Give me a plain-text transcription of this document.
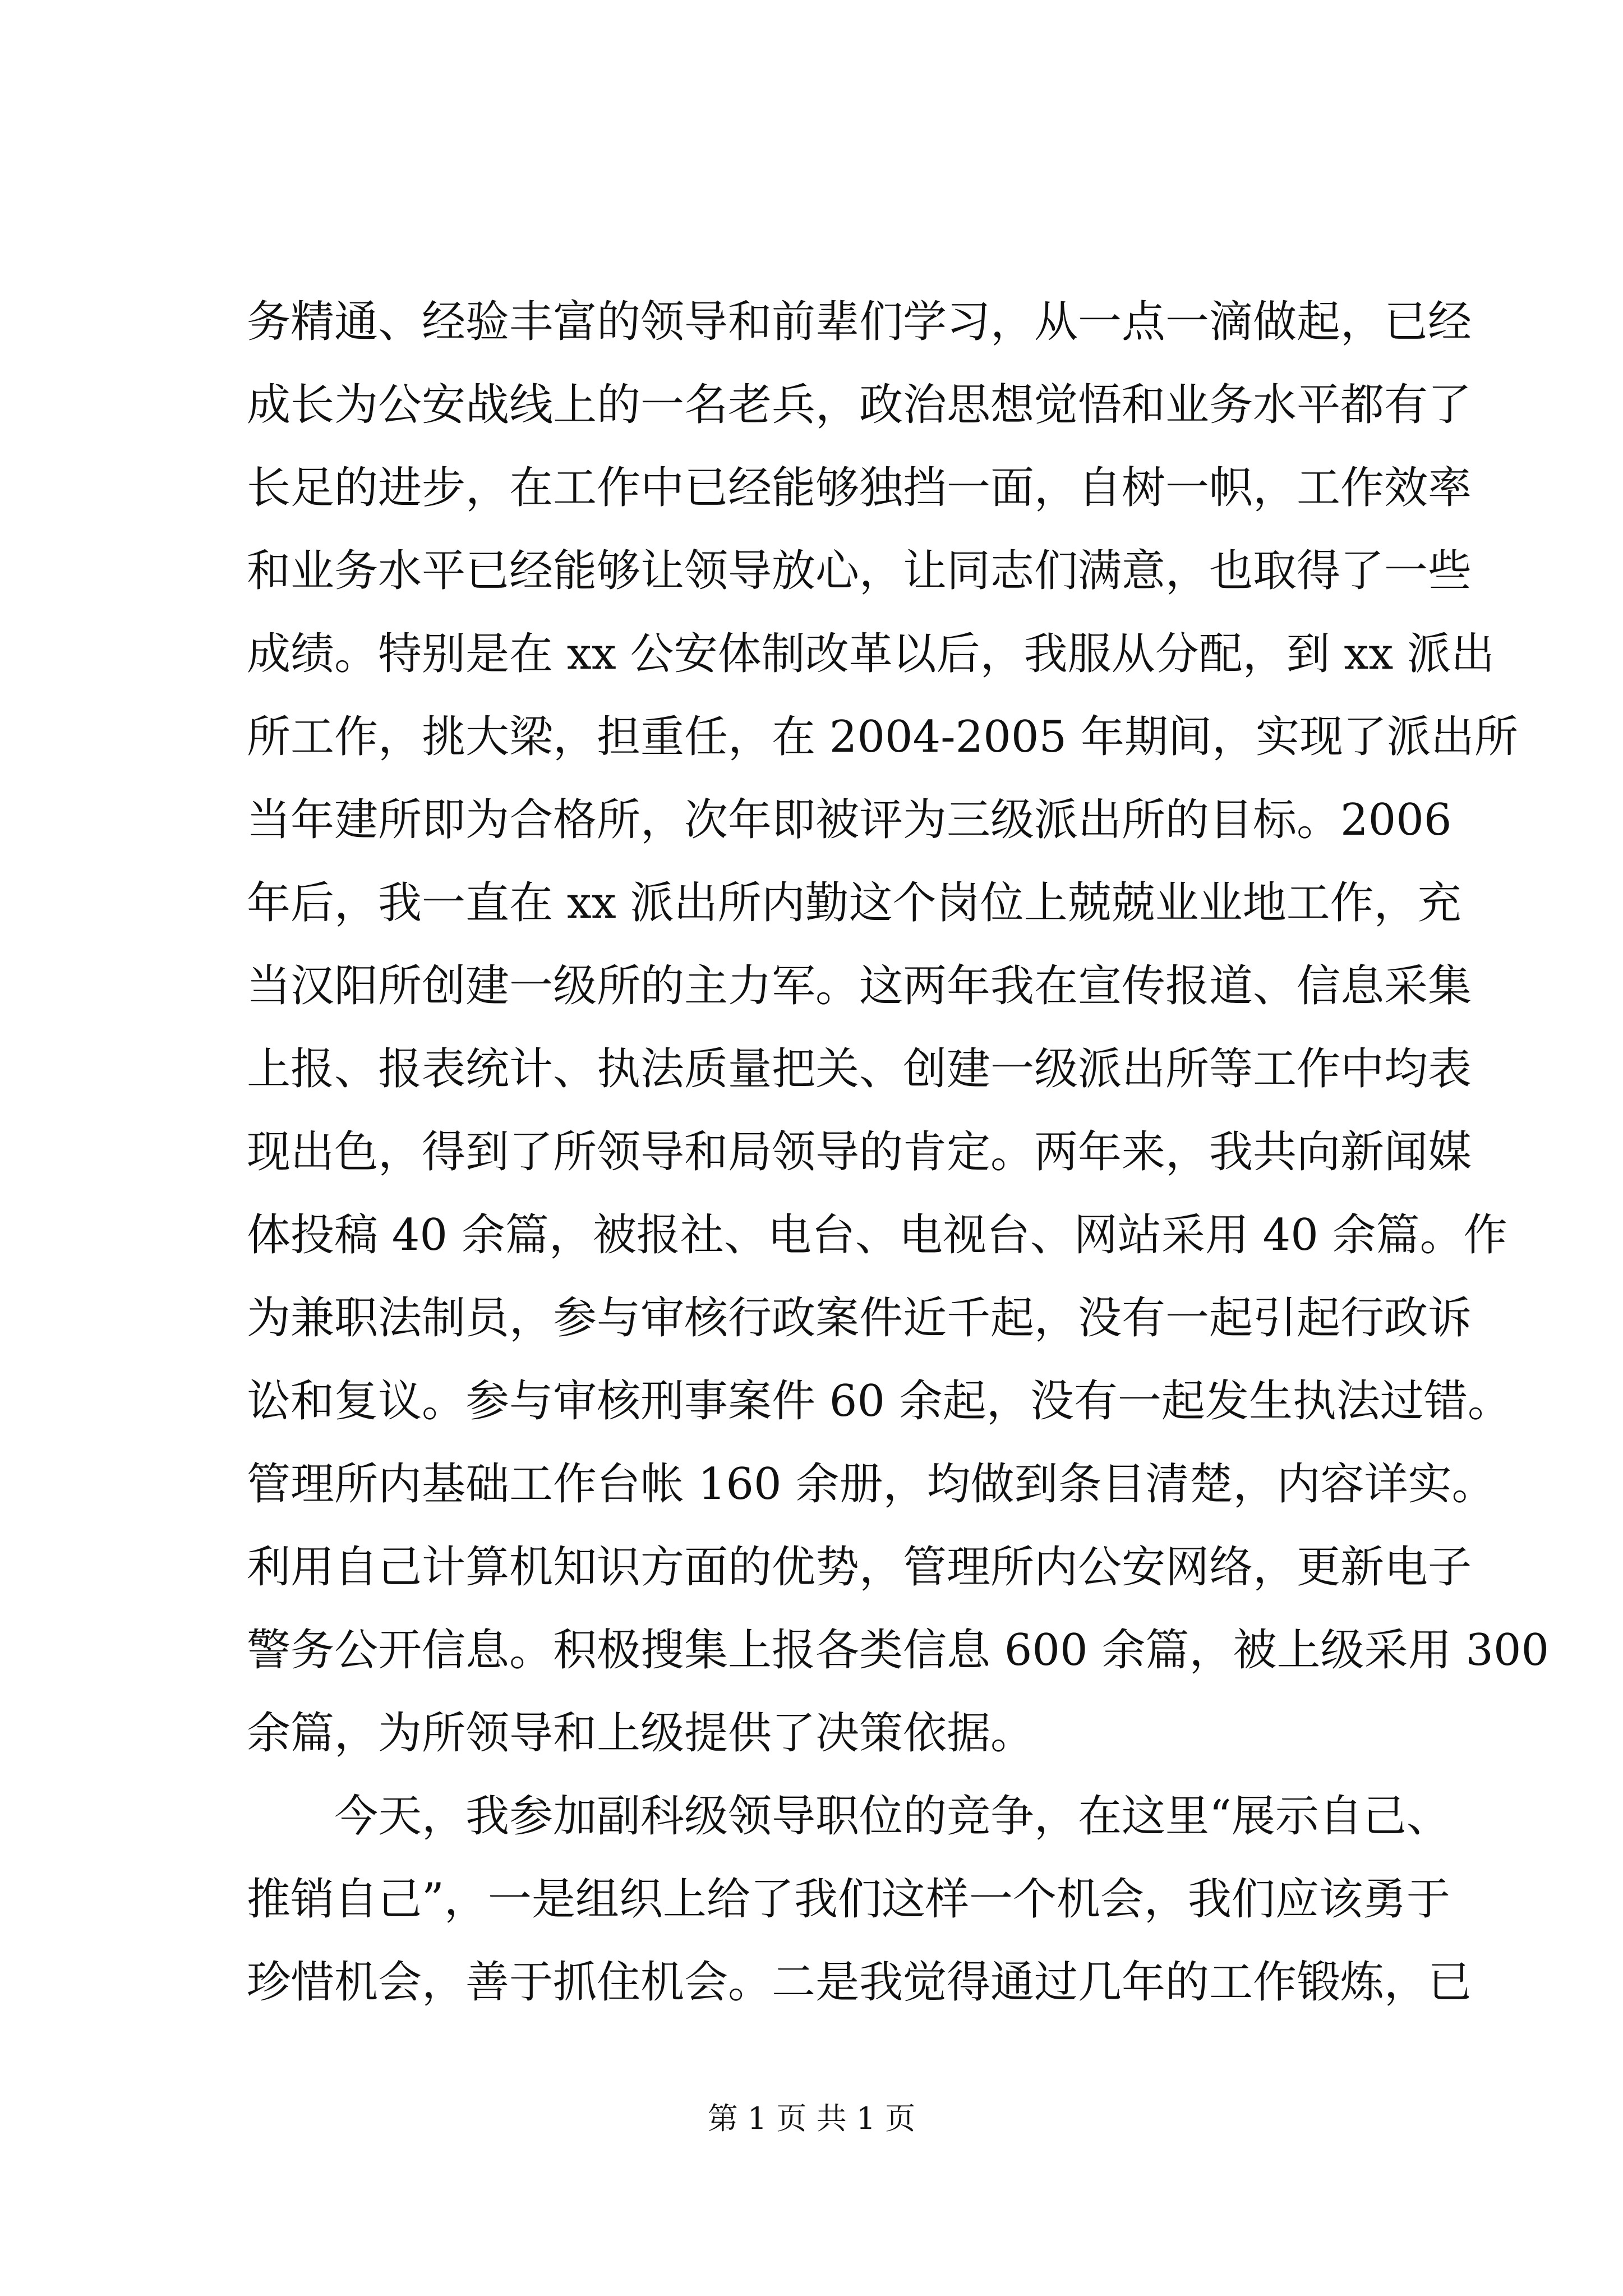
务精通、经验丰富的领导和前辈们学习，从一点一滴做起，已经
成长为公安战线上的一名老兵，政治思想觉悟和业务水平都有了
长足的进步，在工作中已经能够独挡一面，自树一帜，工作效率
和业务水平已经能够让领导放心，让同志们满意，也取得了一些
成绩。特别是在 xx 公安体制改革以后，我服从分配，到 xx 派出
所工作，挑大梁，担重任，在 2004-2005 年期间，实现了派出所
当年建所即为合格所，次年即被评为三级派出所的目标。2006
年后，我一直在 xx 派出所内勤这个岗位上兢兢业业地工作，充
当汉阳所创建一级所的主力军。这两年我在宣传报道、信息采集
上报、报表统计、执法质量把关、创建一级派出所等工作中均表
现出色，得到了所领导和局领导的肯定。两年来，我共向新闻媒
体投稿 40 余篇，被报社、电台、电视台、网站采用 40 余篇。作
为兼职法制员，参与审核行政案件近千起，没有一起引起行政诉
讼和复议。参与审核刑事案件 60 余起，没有一起发生执法过错。
管理所内基础工作台帐 160 余册，均做到条目清楚，内容详实。
利用自己计算机知识方面的优势，管理所内公安网络，更新电子
警务公开信息。积极搜集上报各类信息 600 余篇，被上级采用 300
余篇，为所领导和上级提供了决策依据。
今天，我参加副科级领导职位的竞争，在这里“展示自己、
推销自己”，一是组织上给了我们这样一个机会，我们应该勇于
珍惜机会，善于抓住机会。二是我觉得通过几年的工作锻炼，已
第 1 页 共 1 页
